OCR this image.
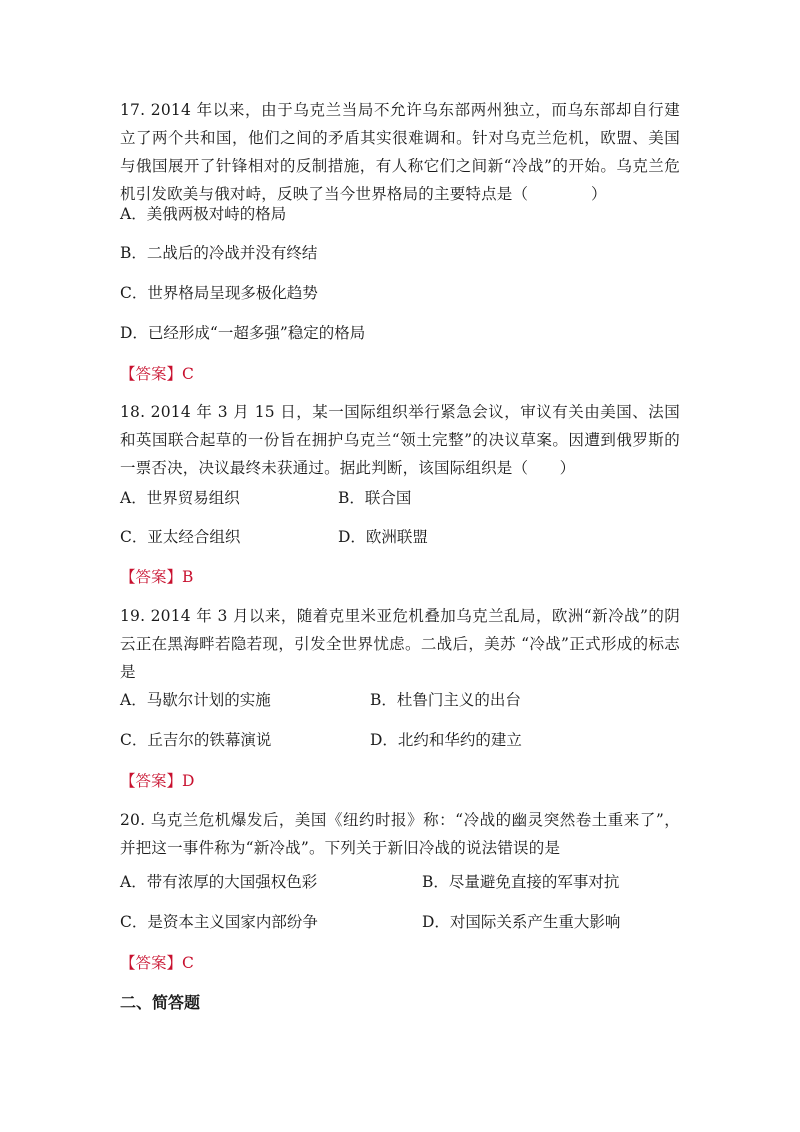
17. 2014 年以来，由于乌克兰当局不允许乌东部两州独立，而乌东部却自行建立了两个共和国，他们之间的矛盾其实很难调和。针对乌克兰危机，欧盟、美国与俄国展开了针锋相对的反制措施，有人称它们之间新“冷战”的开始。乌克兰危机引发欧美与俄对峙，反映了当今世界格局的主要特点是（　　　　）

A．美俄两极对峙的格局
B．二战后的冷战并没有终结
C．世界格局呈现多极化趋势
D．已经形成“一超多强”稳定的格局
【答案】C

18. 2014 年 3 月 15 日，某一国际组织举行紧急会议，审议有关由美国、法国和英国联合起草的一份旨在拥护乌克兰“领土完整”的决议草案。因遭到俄罗斯的一票否决，决议最终未获通过。据此判断，该国际组织是（　　）

A．世界贸易组织	B．联合国
C．亚太经合组织	D．欧洲联盟
【答案】B

19. 2014 年 3 月以来，随着克里米亚危机叠加乌克兰乱局，欧洲“新冷战”的阴云正在黑海畔若隐若现，引发全世界忧虑。二战后，美苏 “冷战”正式形成的标志是

A．马歇尔计划的实施	B．杜鲁门主义的出台
C．丘吉尔的铁幕演说	D．北约和华约的建立
【答案】D

20. 乌克兰危机爆发后，美国《纽约时报》称：“冷战的幽灵突然卷土重来了”，并把这一事件称为“新冷战”。下列关于新旧冷战的说法错误的是

A．带有浓厚的大国强权色彩	B．尽量避免直接的军事对抗
C．是资本主义国家内部纷争	D．对国际关系产生重大影响
【答案】C
二、简答题
